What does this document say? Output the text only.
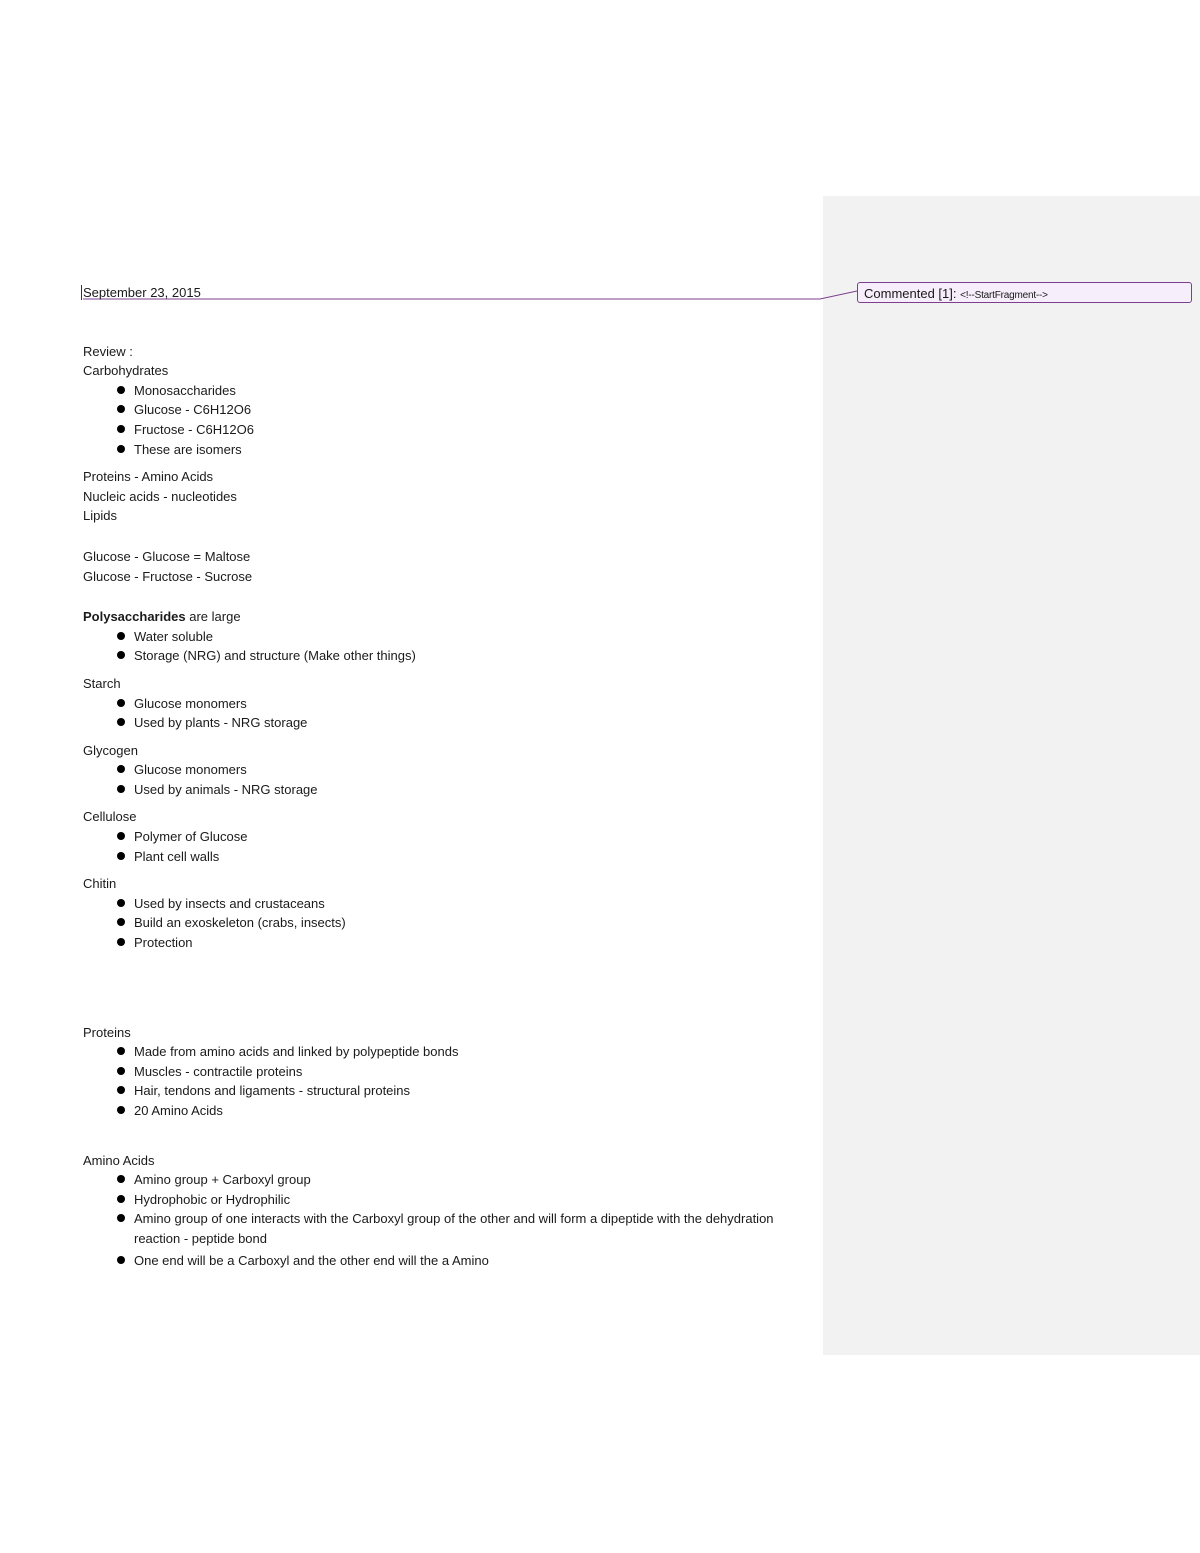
Commented [1]: <!--StartFragment-->

September 23, 2015

Review :

Carbohydrates

Monosaccharides
Glucose - C6H12O6
Fructose - C6H12O6
These are isomers

Proteins - Amino Acids

Nucleic acids - nucleotides

Lipids

Glucose - Glucose = Maltose

Glucose - Fructose - Sucrose

Polysaccharides are large

Water soluble
Storage (NRG) and structure (Make other things)

Starch

Glucose monomers
Used by plants - NRG storage

Glycogen

Glucose monomers
Used by animals - NRG storage

Cellulose

Polymer of Glucose
Plant cell walls

Chitin

Used by insects and crustaceans
Build an exoskeleton (crabs, insects)
Protection

Proteins

Made from amino acids and linked by polypeptide bonds
Muscles - contractile proteins
Hair, tendons and ligaments - structural proteins
20 Amino Acids

Amino Acids

Amino group + Carboxyl group
Hydrophobic or Hydrophilic
Amino group of one interacts with the Carboxyl group of the other and will form a dipeptide with the dehydration reaction - peptide bond
One end will be a Carboxyl and the other end will the a Amino
